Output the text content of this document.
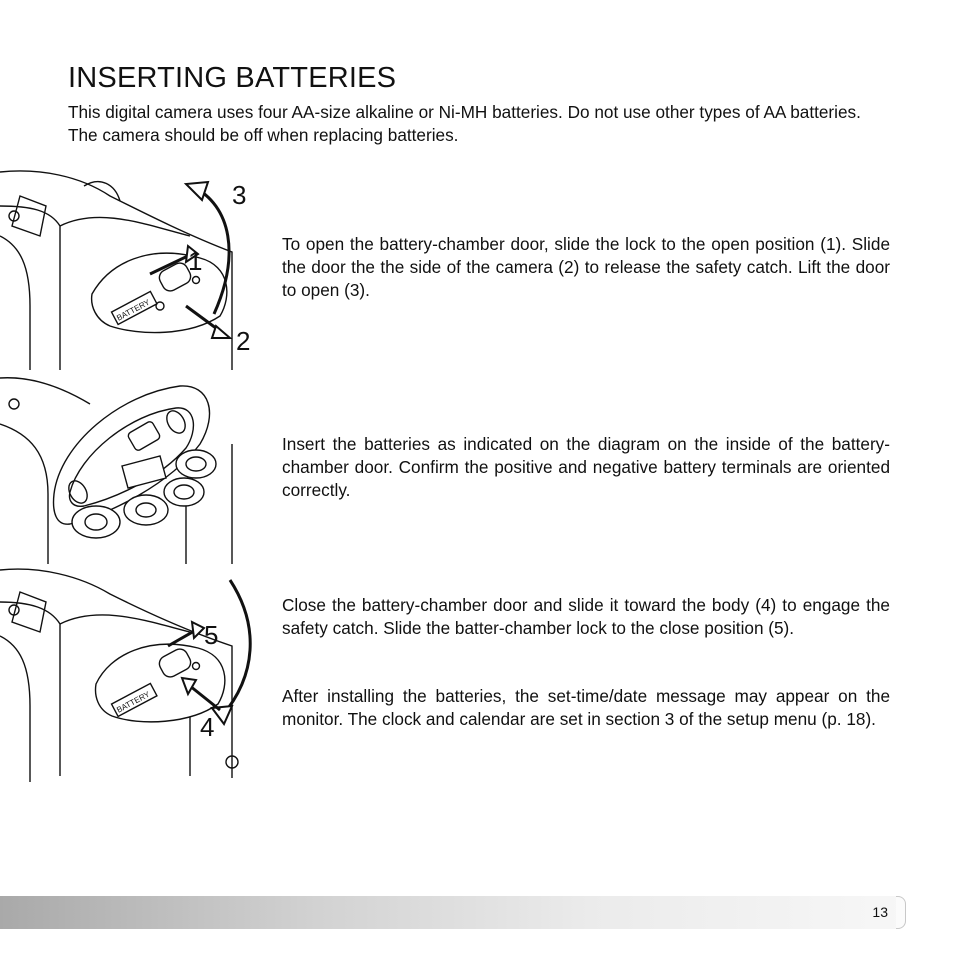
INSERTING BATTERIES

This digital camera uses four AA-size alkaline or Ni-MH batteries. Do not use other types of AA batteries. The camera should be off when replacing batteries.

BATTERY
3
1
2

To open the battery-chamber door, slide the lock to the open position (1). Slide the door the the side of the camera (2) to release the safety catch. Lift the door to open (3).

Insert the batteries as indicated on the diagram on the inside of the battery-chamber door. Confirm the positive and negative battery terminals are oriented correctly.

BATTERY
5
4

Close the battery-chamber door and slide it toward the body (4) to engage the safety catch. Slide the batter-chamber lock to the close position (5).

After installing the batteries, the set-time/date message may appear on the monitor. The clock and calendar are set in section 3 of the setup menu (p. 18).

13
